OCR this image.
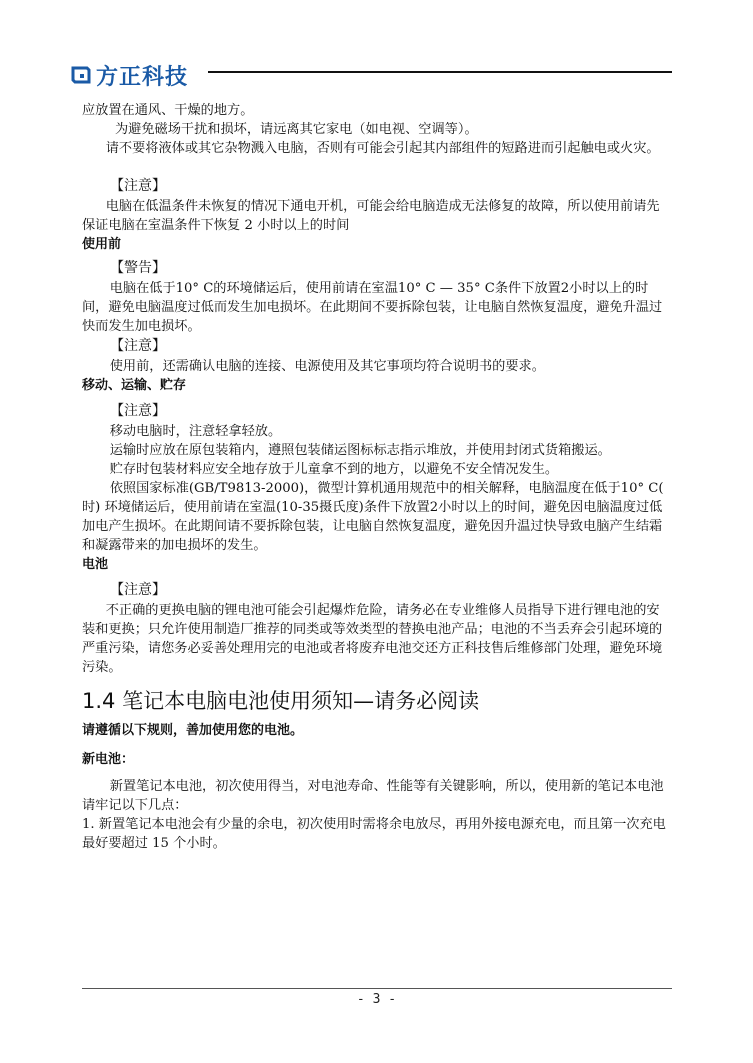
方正科技

应放置在通风、干燥的地方。

为避免磁场干扰和损坏，请远离其它家电（如电视、空调等）。

请不要将液体或其它杂物溅入电脑，否则有可能会引起其内部组件的短路进而引起触电或火灾。

【注意】

电脑在低温条件未恢复的情况下通电开机，可能会给电脑造成无法修复的故障，所以使用前请先保证电脑在室温条件下恢复 2 小时以上的时间

使用前

【警告】

电脑在低于10° C的环境储运后，使用前请在室温10° C — 35° C条件下放置2小时以上的时间，避免电脑温度过低而发生加电损坏。在此期间不要拆除包装，让电脑自然恢复温度，避免升温过快而发生加电损坏。

【注意】

使用前，还需确认电脑的连接、电源使用及其它事项均符合说明书的要求。

移动、运输、贮存

【注意】

移动电脑时，注意轻拿轻放。

运输时应放在原包装箱内，遵照包装储运图标标志指示堆放，并使用封闭式货箱搬运。

贮存时包装材料应安全地存放于儿童拿不到的地方，以避免不安全情况发生。

依照国家标准(GB/T9813-2000)，微型计算机通用规范中的相关解释，电脑温度在低于10° C( 时) 环境储运后，使用前请在室温(10-35摄氏度)条件下放置2小时以上的时间，避免因电脑温度过低加电产生损坏。在此期间请不要拆除包装，让电脑自然恢复温度，避免因升温过快导致电脑产生结霜和凝露带来的加电损坏的发生。

电池

【注意】

不正确的更换电脑的锂电池可能会引起爆炸危险，请务必在专业维修人员指导下进行锂电池的安装和更换；只允许使用制造厂推荐的同类或等效类型的替换电池产品；电池的不当丢弃会引起环境的严重污染，请您务必妥善处理用完的电池或者将废弃电池交还方正科技售后维修部门处理，避免环境污染。

1.4 笔记本电脑电池使用须知—请务必阅读

请遵循以下规则，善加使用您的电池。

新电池：

新置笔记本电池，初次使用得当，对电池寿命、性能等有关键影响，所以，使用新的笔记本电池请牢记以下几点：

1. 新置笔记本电池会有少量的余电，初次使用时需将余电放尽，再用外接电源充电，而且第一次充电最好要超过 15 个小时。

- 3 -
